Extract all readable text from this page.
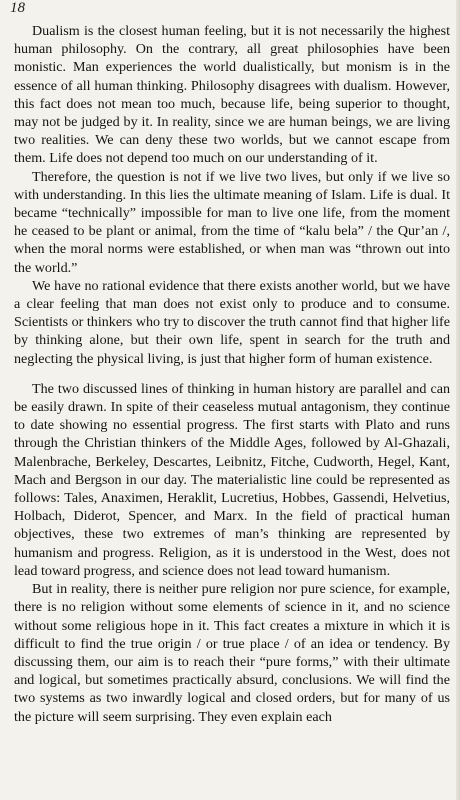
18

Dualism is the closest human feeling, but it is not necessarily the highest human philosophy. On the contrary, all great philosophies have been monistic. Man experiences the world dualistically, but monism is in the essence of all human thinking. Philosophy disagrees with dualism. However, this fact does not mean too much, because life, being superior to thought, may not be judged by it. In reality, since we are human beings, we are living two realities. We can deny these two worlds, but we cannot escape from them. Life does not depend too much on our understanding of it.

Therefore, the question is not if we live two lives, but only if we live so with understanding. In this lies the ultimate meaning of Islam. Life is dual. It became “technically” impossible for man to live one life, from the moment he ceased to be plant or animal, from the time of “kalu bela” / the Qur’an /, when the moral norms were established, or when man was “thrown out into the world.”

We have no rational evidence that there exists another world, but we have a clear feeling that man does not exist only to produce and to consume. Scientists or thinkers who try to discover the truth cannot find that higher life by thinking alone, but their own life, spent in search for the truth and neglecting the physical living, is just that higher form of human existence.

The two discussed lines of thinking in human history are parallel and can be easily drawn. In spite of their ceaseless mutual antagonism, they continue to date showing no essential progress. The first starts with Plato and runs through the Christian thinkers of the Middle Ages, followed by Al-Ghazali, Malenbrache, Berkeley, Descartes, Leibnitz, Fitche, Cudworth, Hegel, Kant, Mach and Bergson in our day. The materialistic line could be represented as follows: Tales, Anaximen, Heraklit, Lucretius, Hobbes, Gassendi, Helvetius, Holbach, Diderot, Spencer, and Marx. In the field of practical human objectives, these two extremes of man’s thinking are represented by humanism and progress. Religion, as it is understood in the West, does not lead toward progress, and science does not lead toward humanism.

But in reality, there is neither pure religion nor pure science, for example, there is no religion without some elements of science in it, and no science without some religious hope in it. This fact creates a mixture in which it is difficult to find the true origin / or true place / of an idea or tendency. By discussing them, our aim is to reach their “pure forms,” with their ultimate and logical, but sometimes practically absurd, conclusions. We will find the two systems as two inwardly logical and closed orders, but for many of us the picture will seem surprising. They even explain each
